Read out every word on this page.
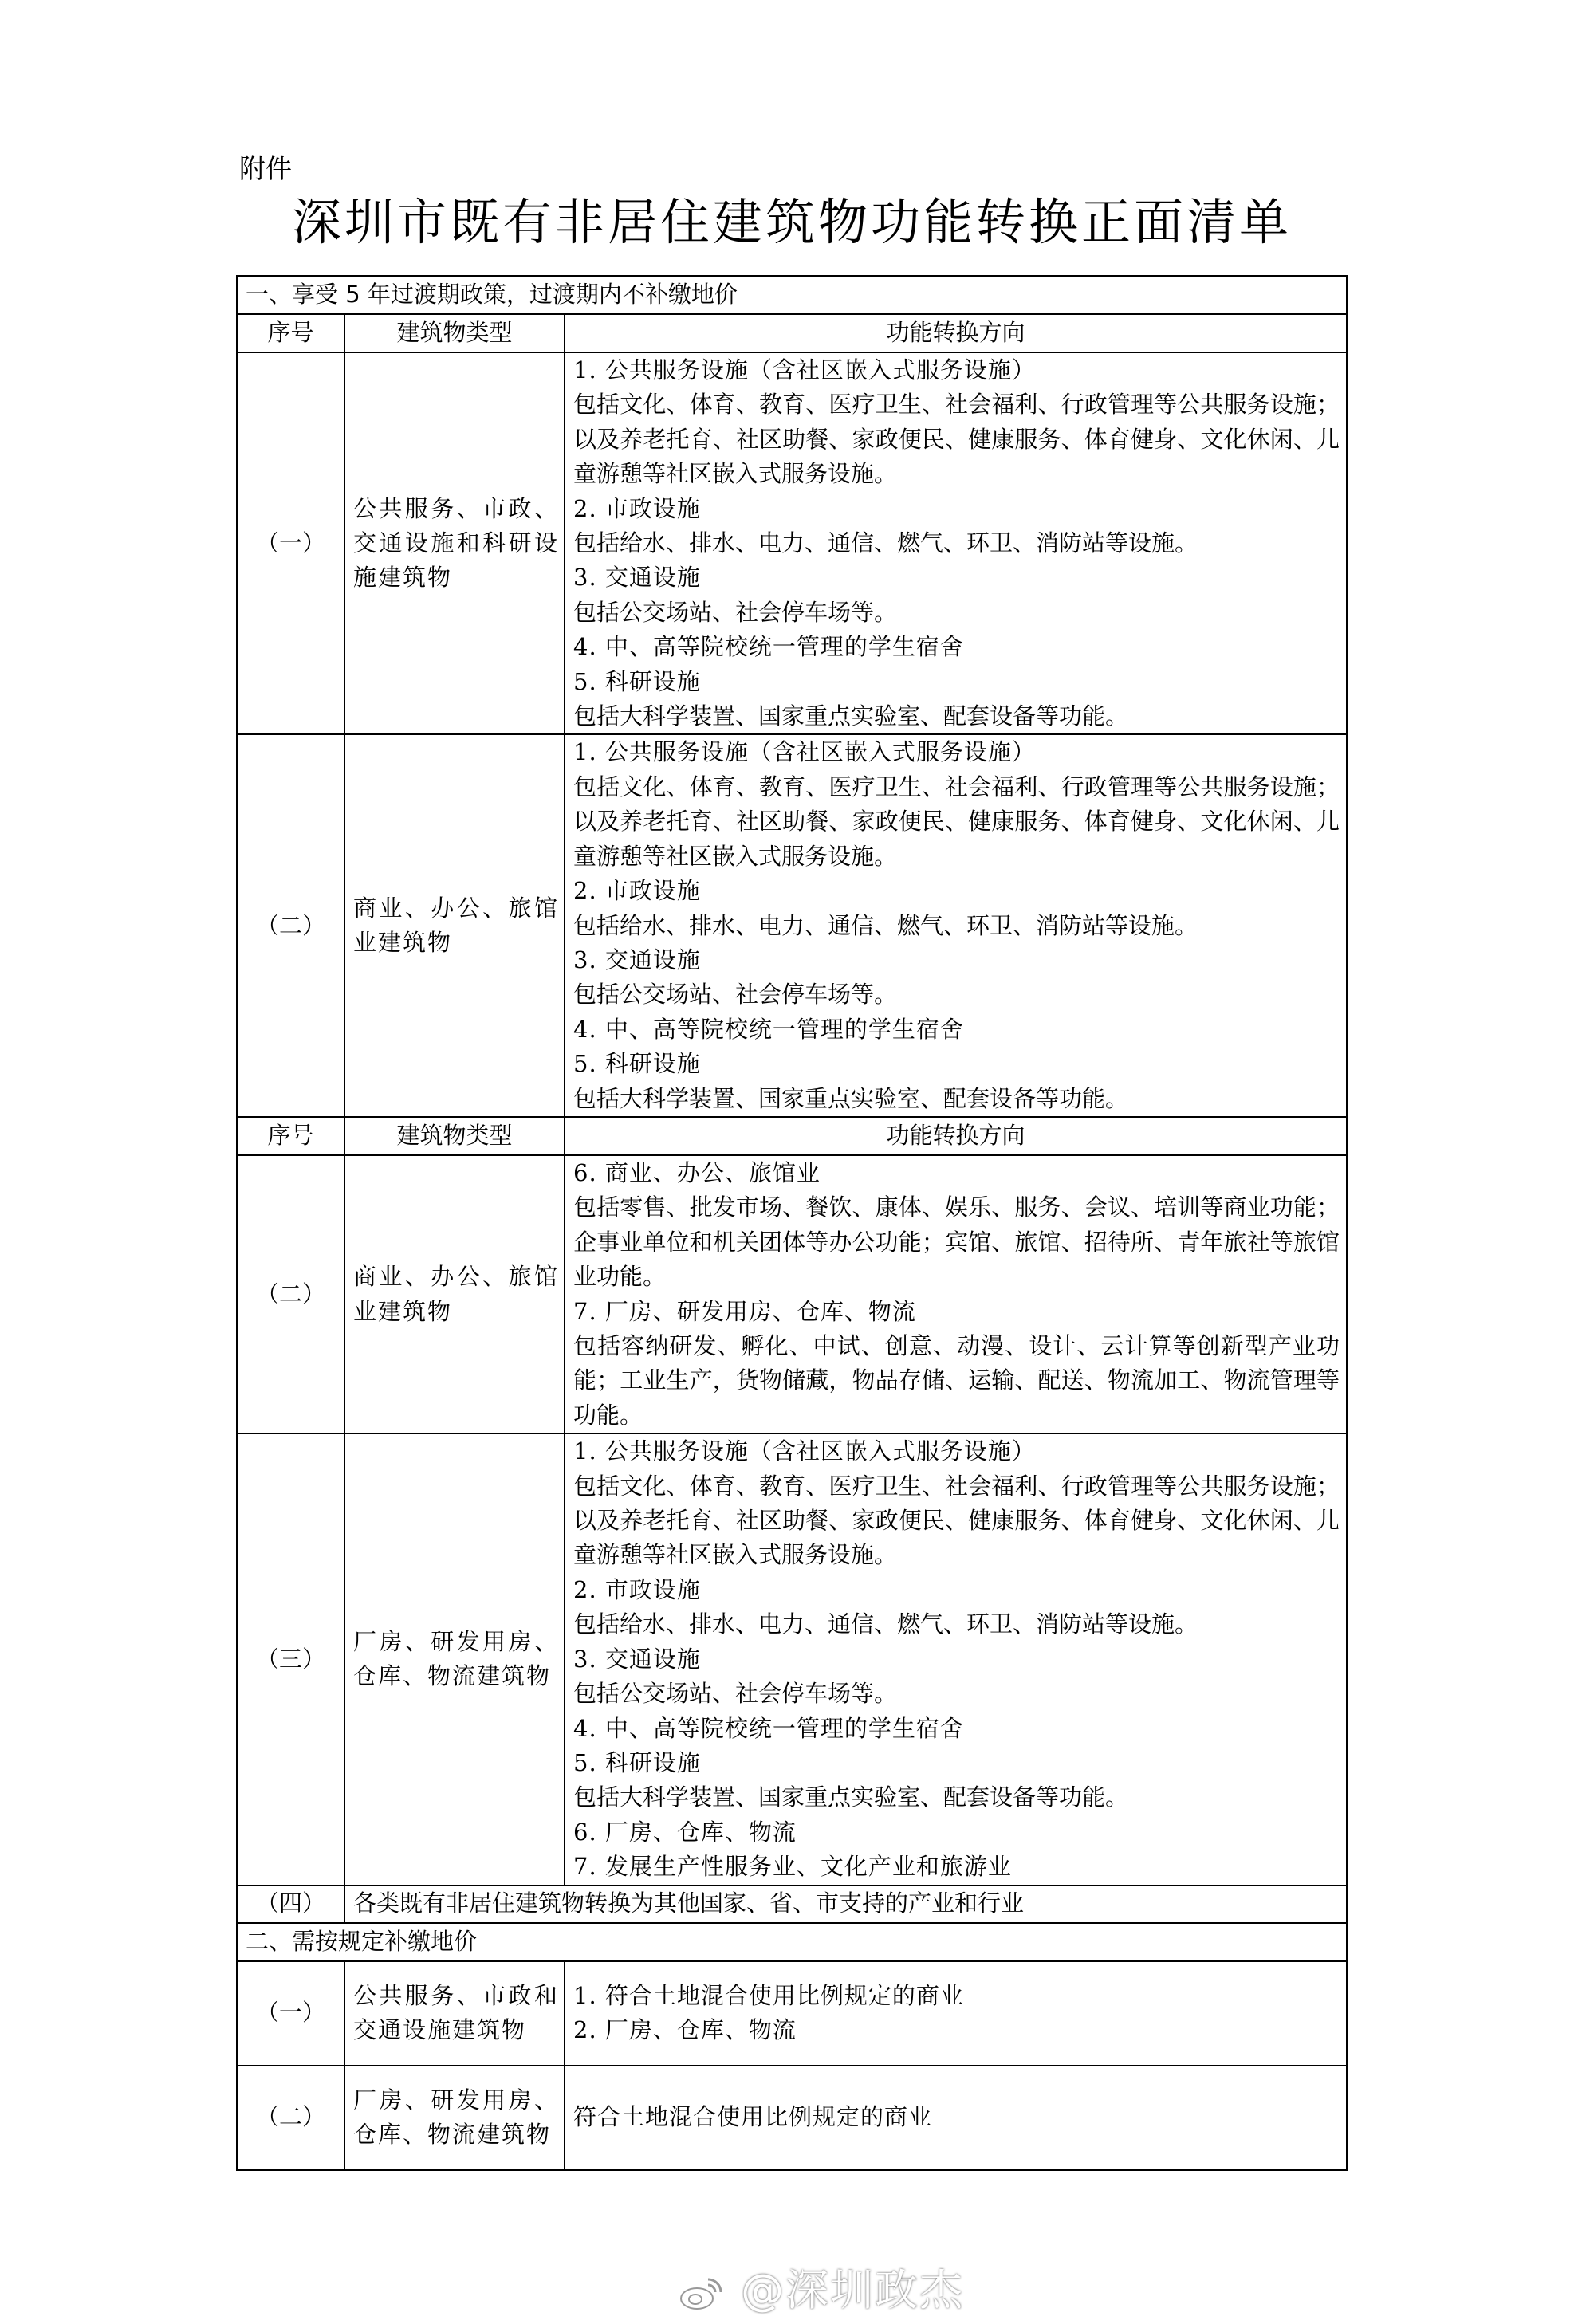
附件
深圳市既有非居住建筑物功能转换正面清单
一、享受 5 年过渡期政策，过渡期内不补缴地价		
序号	建筑物类型	功能转换方向
（一）	公共服务、市政、交通设施和科研设施建筑物	
1. 公共服务设施（含社区嵌入式服务设施）
包括文化、体育、教育、医疗卫生、社会福利、行政管理等公共服务设施；以及养老托育、社区助餐、家政便民、健康服务、体育健身、文化休闲、儿童游憩等社区嵌入式服务设施。
2. 市政设施
包括给水、排水、电力、通信、燃气、环卫、消防站等设施。
3. 交通设施
包括公交场站、社会停车场等。
4. 中、高等院校统一管理的学生宿舍
5. 科研设施
包括大科学装置、国家重点实验室、配套设备等功能。

（二）	商业、办公、旅馆业建筑物	
1. 公共服务设施（含社区嵌入式服务设施）
包括文化、体育、教育、医疗卫生、社会福利、行政管理等公共服务设施；以及养老托育、社区助餐、家政便民、健康服务、体育健身、文化休闲、儿童游憩等社区嵌入式服务设施。
2. 市政设施
包括给水、排水、电力、通信、燃气、环卫、消防站等设施。
3. 交通设施
包括公交场站、社会停车场等。
4. 中、高等院校统一管理的学生宿舍
5. 科研设施
包括大科学装置、国家重点实验室、配套设备等功能。
序号	建筑物类型	功能转换方向
（二）	商业、办公、旅馆业建筑物	6. 商业、办公、旅馆业
包括零售、批发市场、餐饮、康体、娱乐、服务、会议、培训等商业功能；企事业单位和机关团体等办公功能；宾馆、旅馆、招待所、青年旅社等旅馆业功能。
7. 厂房、研发用房、仓库、物流
包括容纳研发、孵化、中试、创意、动漫、设计、云计算等创新型产业功能；工业生产，货物储藏，物品存储、运输、配送、物流加工、物流管理等功能。

（三）	厂房、研发用房、仓库、物流建筑物	
1. 公共服务设施（含社区嵌入式服务设施）
包括文化、体育、教育、医疗卫生、社会福利、行政管理等公共服务设施；以及养老托育、社区助餐、家政便民、健康服务、体育健身、文化休闲、儿童游憩等社区嵌入式服务设施。
2. 市政设施
包括给水、排水、电力、通信、燃气、环卫、消防站等设施。
3. 交通设施
包括公交场站、社会停车场等。
4. 中、高等院校统一管理的学生宿舍
5. 科研设施
包括大科学装置、国家重点实验室、配套设备等功能。
6. 厂房、仓库、物流
7. 发展生产性服务业、文化产业和旅游业

（四）	各类既有非居住建筑物转换为其他国家、省、市支持的产业和行业	
二、需按规定补缴地价		
（一）	公共服务、市政和交通设施建筑物	1. 符合土地混合使用比例规定的商业
2. 厂房、仓库、物流

（二）	厂房、研发用房、仓库、物流建筑物	符合土地混合使用比例规定的商业
@深圳政杰
